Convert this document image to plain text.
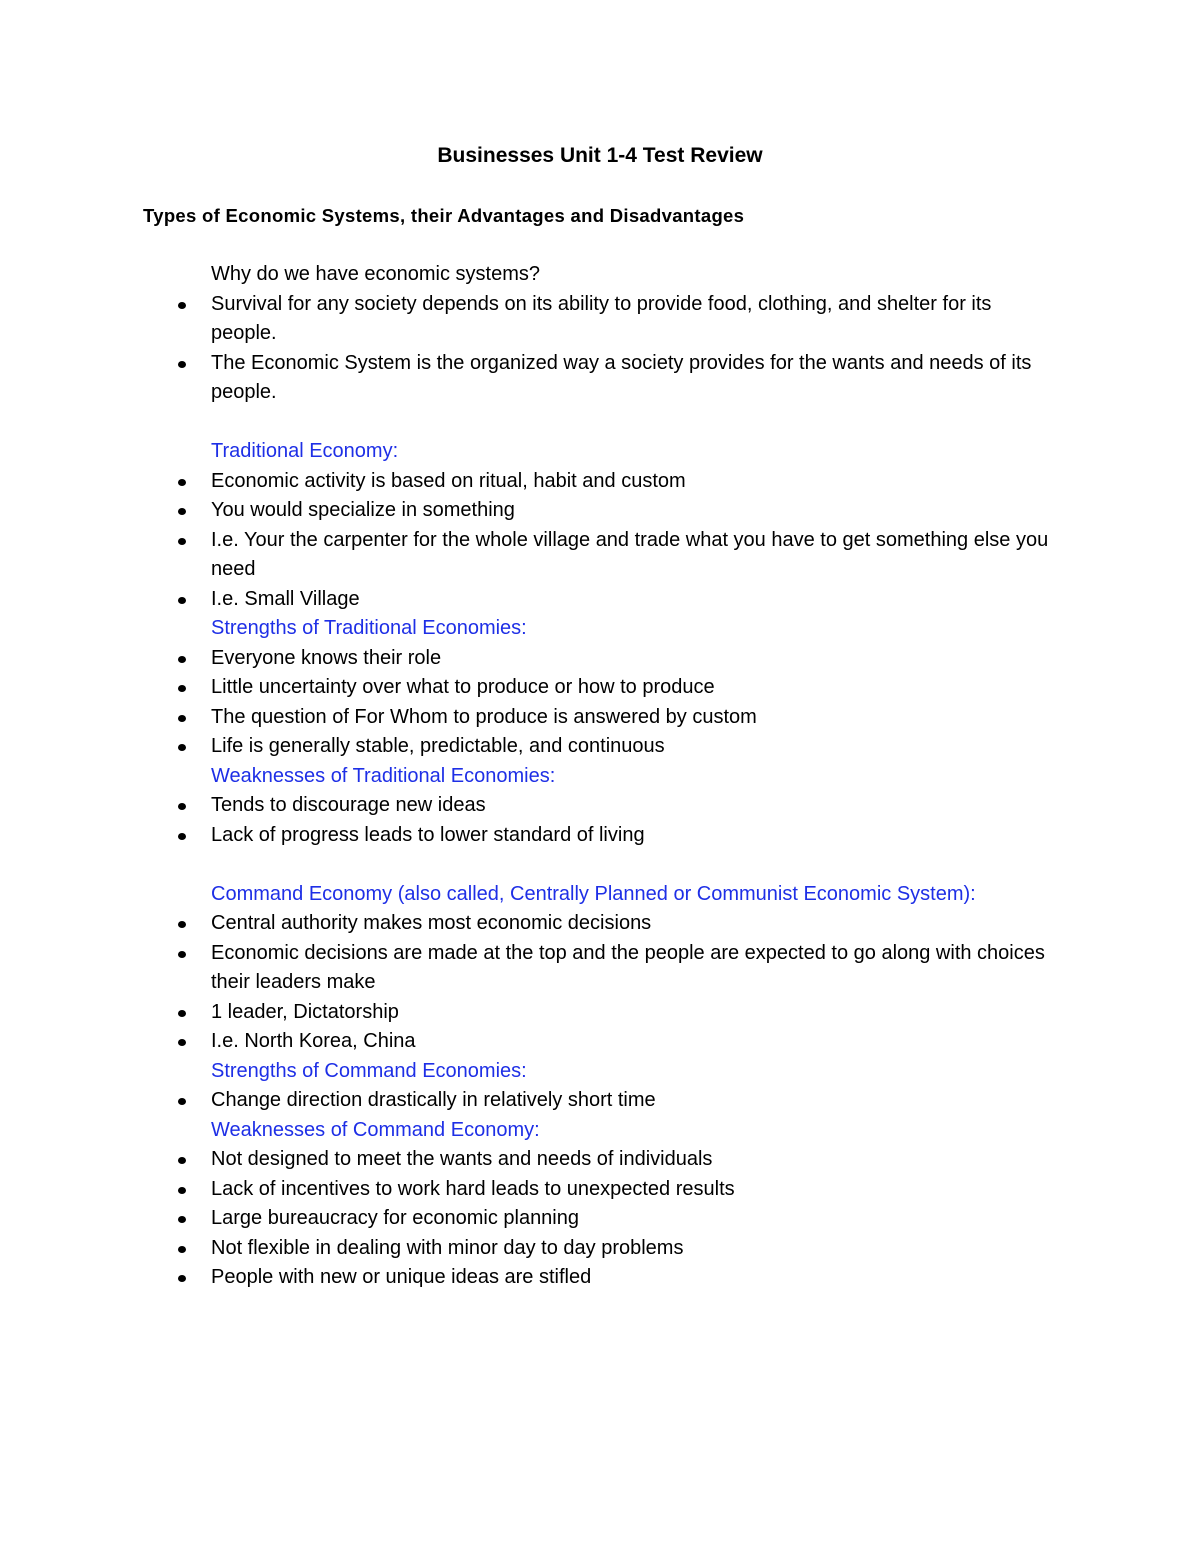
Businesses Unit 1-4 Test Review
Types of Economic Systems, their Advantages and Disadvantages
Why do we have economic systems?
Survival for any society depends on its ability to provide food, clothing, and shelter for its people.
The Economic System is the organized way a society provides for the wants and needs of its people.
Traditional Economy:
Economic activity is based on ritual, habit and custom
You would specialize in something
I.e. Your the carpenter for the whole village and trade what you have to get something else you need
I.e. Small Village
Strengths of Traditional Economies:
Everyone knows their role
Little uncertainty over what to produce or how to produce
The question of For Whom to produce is answered by custom
Life is generally stable, predictable, and continuous
Weaknesses of Traditional Economies:
Tends to discourage new ideas
Lack of progress leads to lower standard of living
Command Economy (also called, Centrally Planned or Communist Economic System):
Central authority makes most economic decisions
Economic decisions are made at the top and the people are expected to go along with choices their leaders make
1 leader, Dictatorship
I.e. North Korea, China
Strengths of Command Economies:
Change direction drastically in relatively short time
Weaknesses of Command Economy:
Not designed to meet the wants and needs of individuals
Lack of incentives to work hard leads to unexpected results
Large bureaucracy for economic planning
Not flexible in dealing with minor day to day problems
People with new or unique ideas are stifled
